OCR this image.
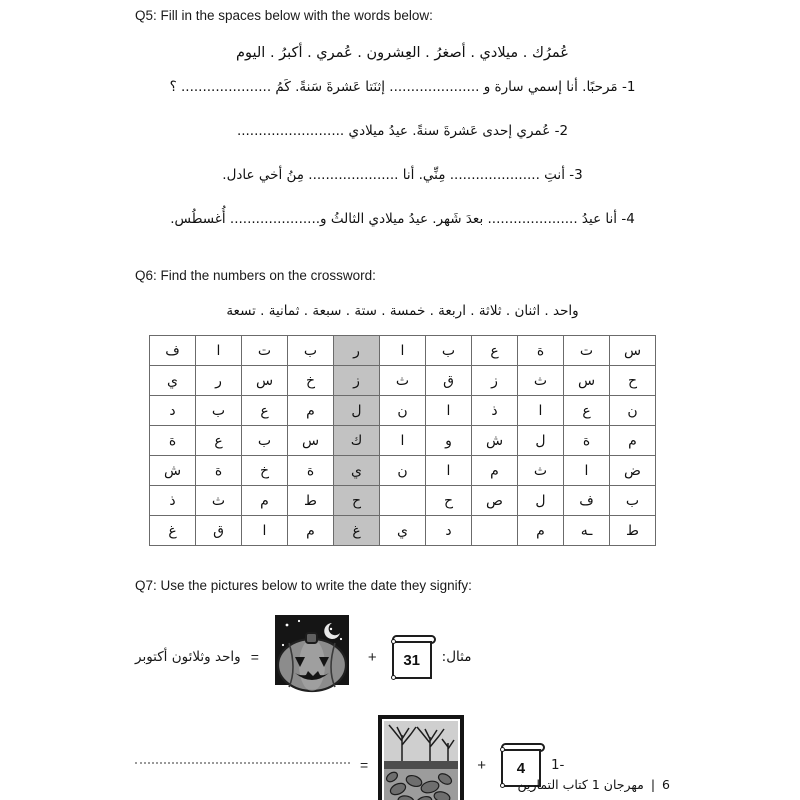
Q5: Fill in the spaces below with the words below:

عُمرُك . ميلادي . أصغرُ . العِشرون . عُمري . أكبرُ . اليوم
1- مَرحبًا. أنا إسمي سارة و ..................... إثنَتا عَشرةَ سَنةً. كَمُ ..................... ؟
2- عُمري إحدى عَشرةَ سنةً. عيدُ ميلادي .........................
3- أنتِ ..................... مِنِّي. أنا ..................... مِنُ أخي عادل.
4- أنا عيدُ ..................... بعدَ شَهر. عيدُ ميلادي الثالثُ و..................... أُغسطُس.

Q6: Find the numbers on the crossword:

واحد . اثنان . ثلاثة . اربعة . خمسة . ستة . سبعة . ثمانية . تسعة
س	ت	ة	ع	ب	ا	ر	ب	ت	ا	ف
ح	س	ث	ز	ق	ث	ز	خ	س	ر	ي
ن	ع	ا	ذ	ا	ن	ل	م	ع	ب	د
م	ة	ل	ش	و	ا	ك	س	ب	ع	ة
ض	ا	ث	م	ا	ن	ي	ة	خ	ة	ش
ب	ف	ل	ص	ح		ح	ط	م	ث	ذ
ط	ـه	م		د	ي	غ	م	ا	ق	غ

Q7: Use the pictures below to write the date they signify:

مثال:
31
+
=
واحد وثلائون أكتوبر
-1
4
+
=
6 | مهرجان 1 كتاب التمارين
